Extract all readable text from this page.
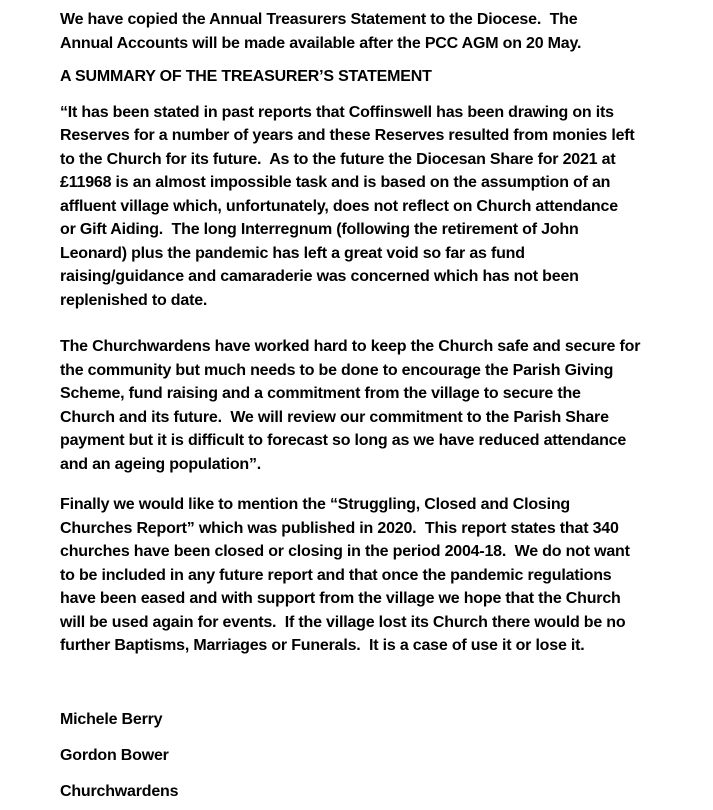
We have copied the Annual Treasurers Statement to the Diocese.  The
Annual Accounts will be made available after the PCC AGM on 20 May.
A SUMMARY OF THE TREASURER’S STATEMENT
“It has been stated in past reports that Coffinswell has been drawing on its
Reserves for a number of years and these Reserves resulted from monies left
to the Church for its future.  As to the future the Diocesan Share for 2021 at
£11968 is an almost impossible task and is based on the assumption of an
affluent village which, unfortunately, does not reflect on Church attendance
or Gift Aiding.  The long Interregnum (following the retirement of John
Leonard) plus the pandemic has left a great void so far as fund
raising/guidance and camaraderie was concerned which has not been
replenished to date.
The Churchwardens have worked hard to keep the Church safe and secure for
the community but much needs to be done to encourage the Parish Giving
Scheme, fund raising and a commitment from the village to secure the
Church and its future.  We will review our commitment to the Parish Share
payment but it is difficult to forecast so long as we have reduced attendance
and an ageing population”.
Finally we would like to mention the “Struggling, Closed and Closing
Churches Report” which was published in 2020.  This report states that 340
churches have been closed or closing in the period 2004-18.  We do not want
to be included in any future report and that once the pandemic regulations
have been eased and with support from the village we hope that the Church
will be used again for events.  If the village lost its Church there would be no
further Baptisms, Marriages or Funerals.  It is a case of use it or lose it.
Michele Berry
Gordon Bower
Churchwardens
